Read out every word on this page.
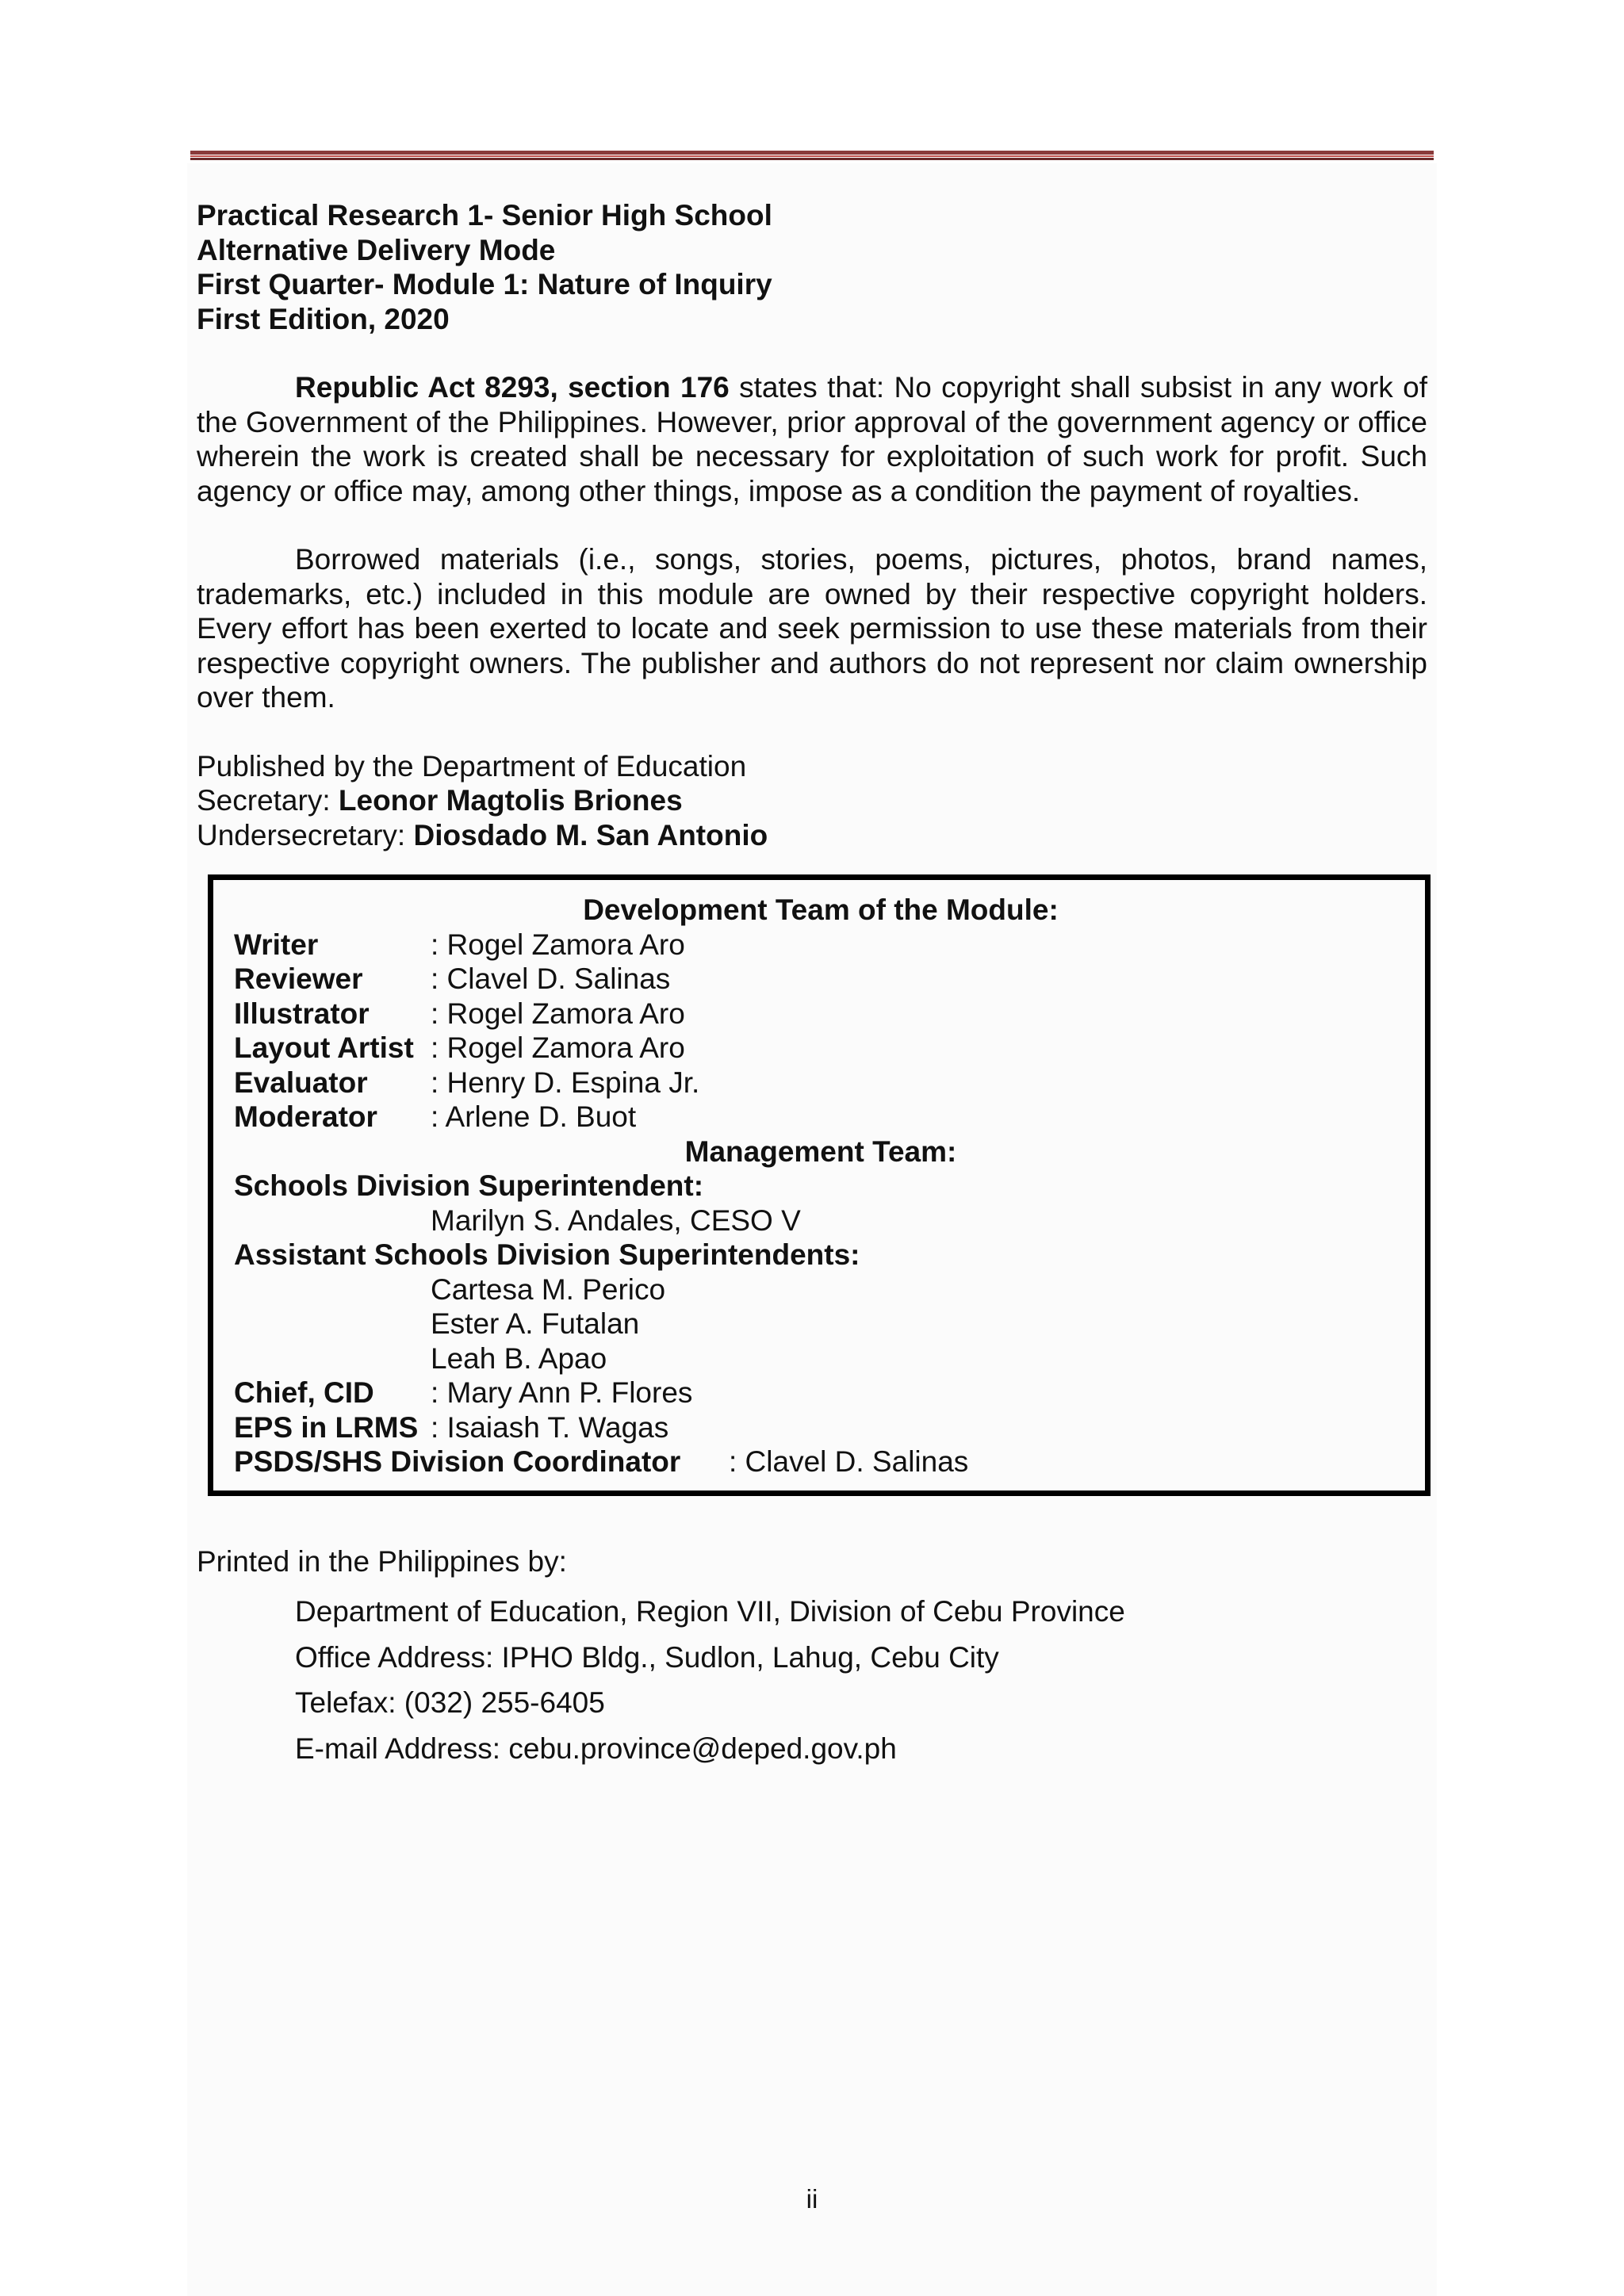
Practical Research 1- Senior High School
Alternative Delivery Mode
First Quarter- Module 1: Nature of Inquiry
First Edition, 2020
Republic Act 8293, section 176 states that: No copyright shall subsist in any work of the Government of the Philippines. However, prior approval of the government agency or office wherein the work is created shall be necessary for exploitation of such work for profit. Such agency or office may, among other things, impose as a condition the payment of royalties.
Borrowed materials (i.e., songs, stories, poems, pictures, photos, brand names, trademarks, etc.) included in this module are owned by their respective copyright holders. Every effort has been exerted to locate and seek permission to use these materials from their respective copyright owners. The publisher and authors do not represent nor claim ownership over them.
Published by the Department of Education
Secretary: Leonor Magtolis Briones
Undersecretary: Diosdado M. San Antonio
Development Team of the Module:
Writer	: Rogel Zamora Aro
Reviewer	: Clavel D. Salinas
Illustrator	: Rogel Zamora Aro
Layout Artist : Rogel Zamora Aro
Evaluator	: Henry D. Espina Jr.
Moderator	: Arlene D. Buot
Management Team:
Schools Division Superintendent:
Marilyn S. Andales, CESO V
Assistant Schools Division Superintendents:
Cartesa M. Perico
Ester A. Futalan
Leah B. Apao
Chief, CID	: Mary Ann P. Flores
EPS in LRMS : Isaiash T. Wagas
PSDS/SHS Division Coordinator	: Clavel D. Salinas
Printed in the Philippines by:
Department of Education, Region VII, Division of Cebu Province
Office Address: IPHO Bldg., Sudlon, Lahug, Cebu City
Telefax: (032) 255-6405
E-mail Address: cebu.province@deped.gov.ph
ii
